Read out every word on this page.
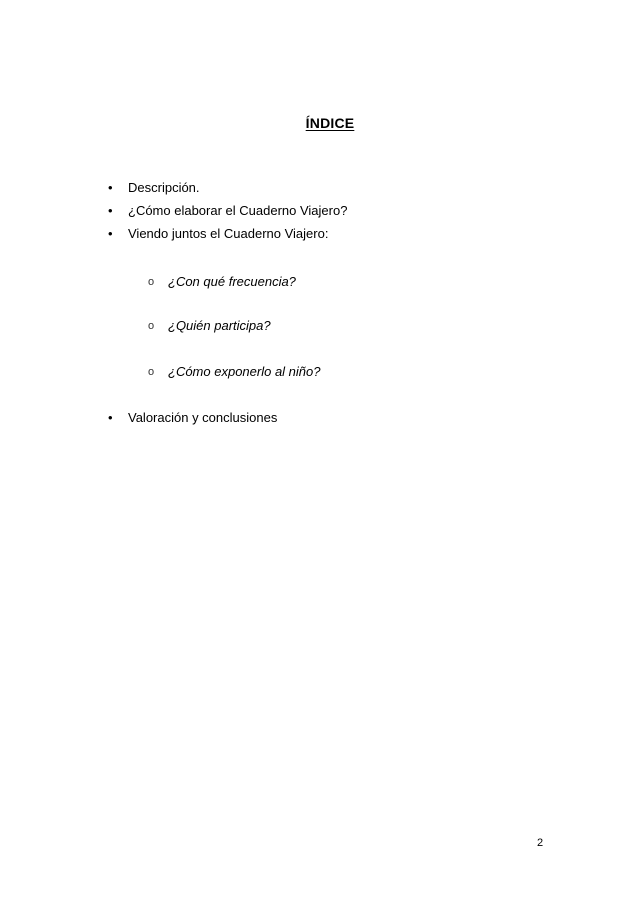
ÍNDICE
•	Descripción.
•	¿Cómo elaborar el Cuaderno Viajero?
•	Viendo juntos el Cuaderno Viajero:
o ¿Con qué frecuencia?
o ¿Quién participa?
o ¿Cómo exponerlo al niño?
•	Valoración y conclusiones
2
